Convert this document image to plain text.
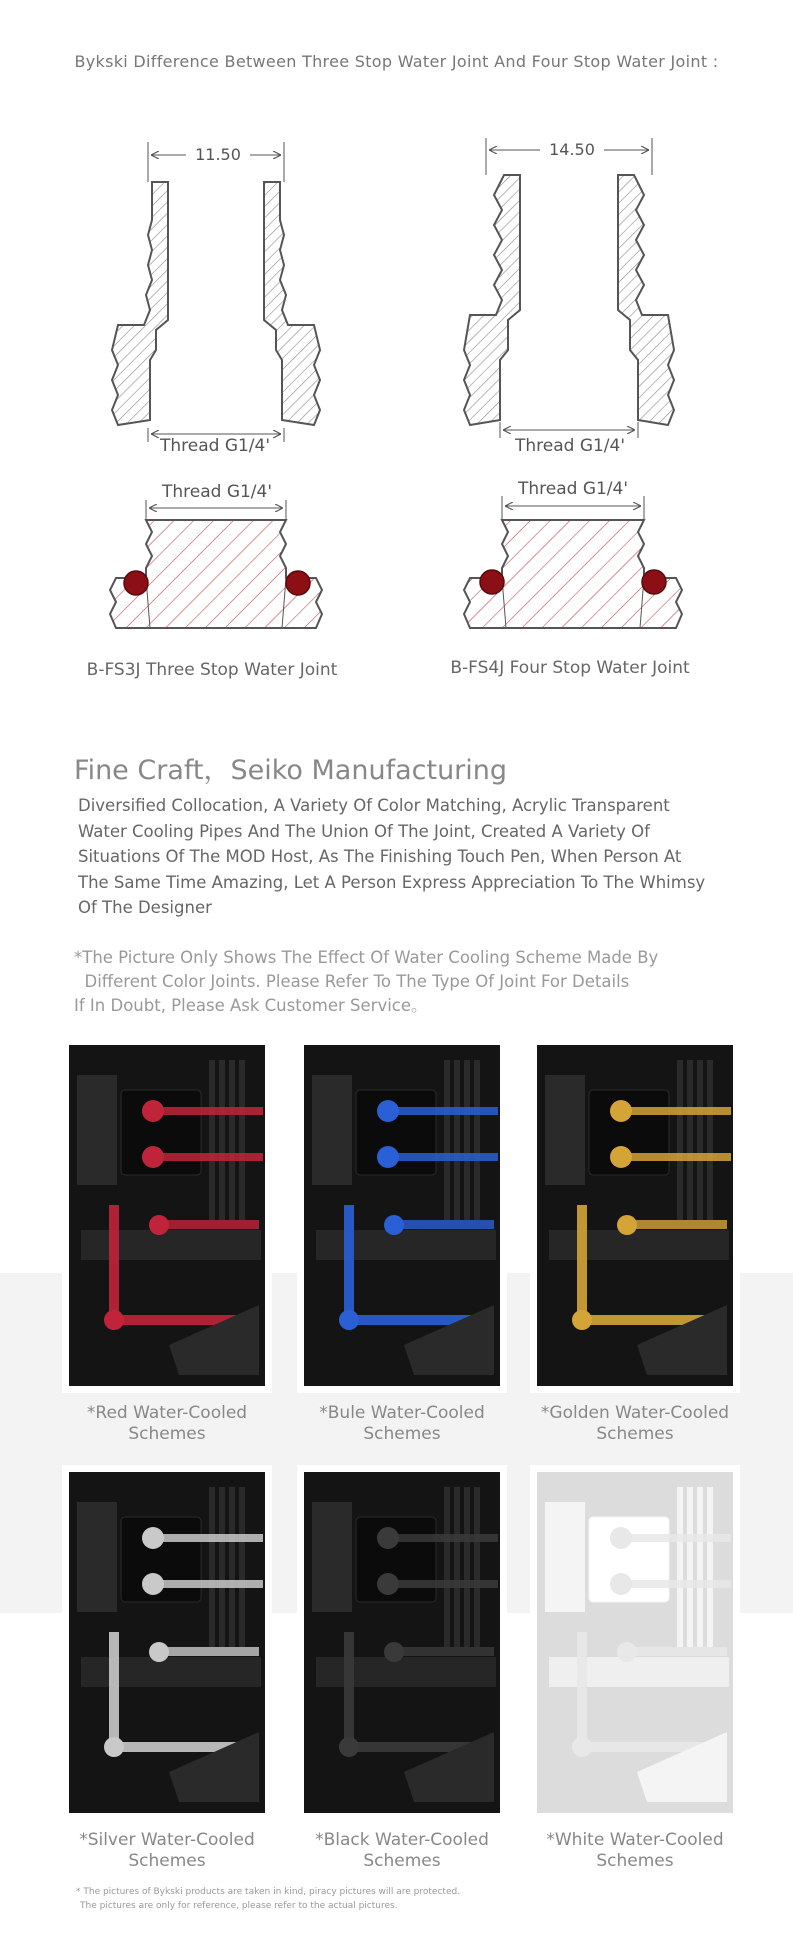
Bykski Difference Between Three Stop Water Joint And Four Stop Water Joint :
11.50	14.50
Thread G1/4'	Thread G1/4'
Thread G1/4'	Thread G1/4'
B-FS3J Three Stop Water Joint	B-FS4J Four Stop Water Joint
Fine Craft，Seiko Manufacturing
Diversified Collocation, A Variety Of Color Matching, Acrylic Transparent
Water Cooling Pipes And The Union Of The Joint, Created A Variety Of
Situations Of The MOD Host, As The Finishing Touch Pen, When Person At
The Same Time Amazing, Let A Person Express Appreciation To The Whimsy
Of The Designer
*The Picture Only Shows The Effect Of Water Cooling Scheme Made By
Different Color Joints. Please Refer To The Type Of Joint For Details
If In Doubt, Please Ask Customer Service。
*Red Water-Cooled
Schemes
*Bule Water-Cooled
Schemes
*Golden Water-Cooled
Schemes
*Silver Water-Cooled
Schemes
*Black Water-Cooled
Schemes
*White Water-Cooled
Schemes
* The pictures of Bykski products are taken in kind, piracy pictures will are protected.
The pictures are only for reference, please refer to the actual pictures.
